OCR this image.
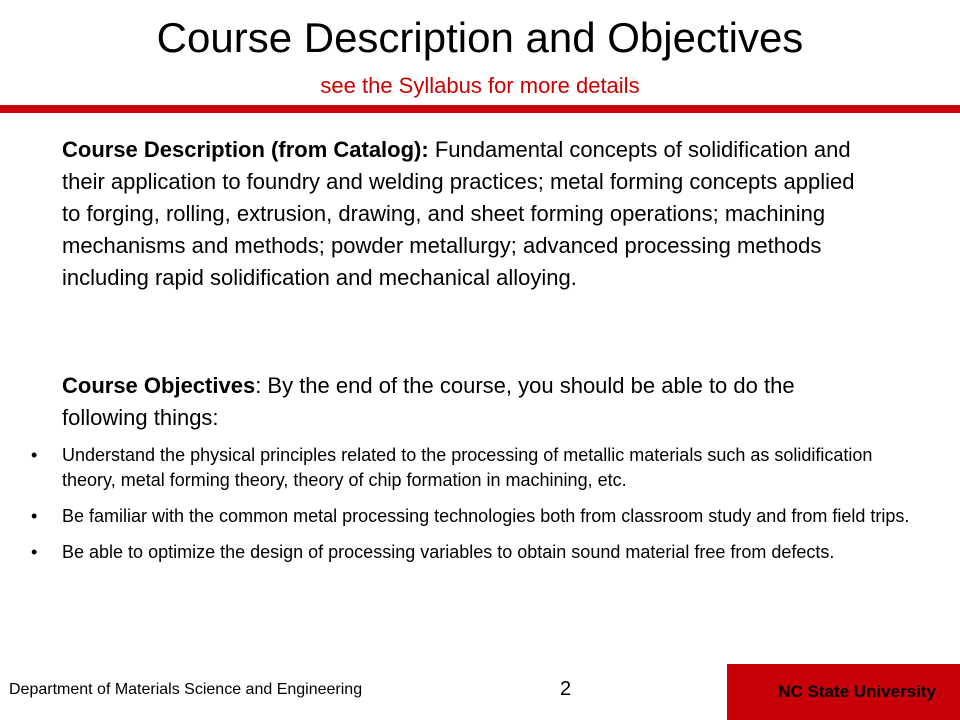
Course Description and Objectives
see the Syllabus for more details
Course Description (from Catalog): Fundamental concepts of solidification and their application to foundry and welding practices; metal forming concepts applied to forging, rolling, extrusion, drawing, and sheet forming operations; machining mechanisms and methods; powder metallurgy; advanced processing methods including rapid solidification and mechanical alloying.
Course Objectives: By the end of the course, you should be able to do the following things:
• Understand the physical principles related to the processing of metallic materials such as solidification theory, metal forming theory, theory of chip formation in machining, etc.
• Be familiar with the common metal processing technologies both from classroom study and from field trips.
• Be able to optimize the design of processing variables to obtain sound material free from defects.
Department of Materials Science and Engineering	2	NC State University
